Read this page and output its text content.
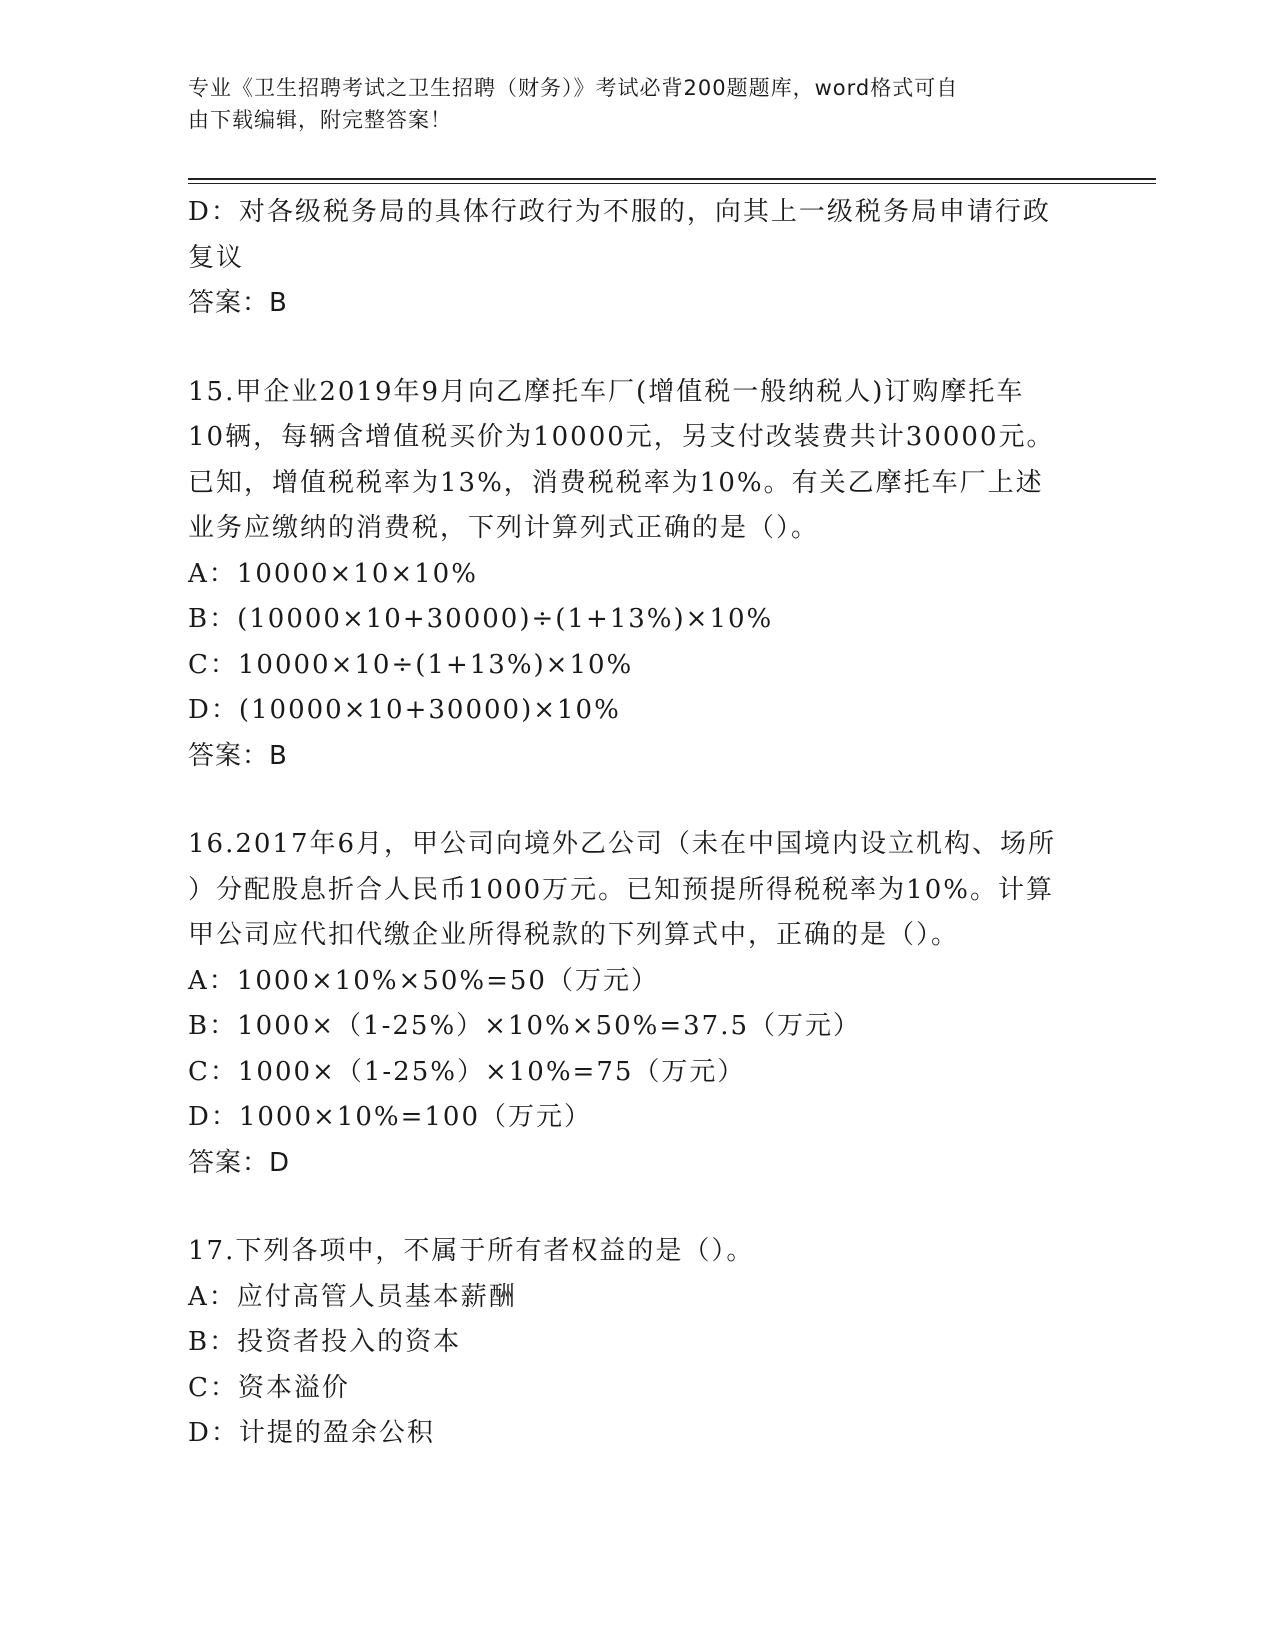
专业《卫生招聘考试之卫生招聘（财务）》考试必背200题题库，word格式可自
由下载编辑，附完整答案！
D：对各级税务局的具体行政行为不服的，向其上一级税务局申请行政
复议
答案：B
15.甲企业2019年9月向乙摩托车厂(增值税一般纳税人)订购摩托车
10辆，每辆含增值税买价为10000元，另支付改装费共计30000元。
已知，增值税税率为13%，消费税税率为10%。有关乙摩托车厂上述
业务应缴纳的消费税，下列计算列式正确的是（）。
A：10000×10×10%
B：(10000×10+30000)÷(1+13%)×10%
C：10000×10÷(1+13%)×10%
D：(10000×10+30000)×10%
答案：B
16.2017年6月，甲公司向境外乙公司（未在中国境内设立机构、场所
）分配股息折合人民币1000万元。已知预提所得税税率为10%。计算
甲公司应代扣代缴企业所得税款的下列算式中，正确的是（）。
A：1000×10%×50%=50（万元）
B：1000×（1-25%）×10%×50%=37.5（万元）
C：1000×（1-25%）×10%=75（万元）
D：1000×10%=100（万元）
答案：D
17.下列各项中，不属于所有者权益的是（）。
A：应付高管人员基本薪酬
B：投资者投入的资本
C：资本溢价
D：计提的盈余公积
